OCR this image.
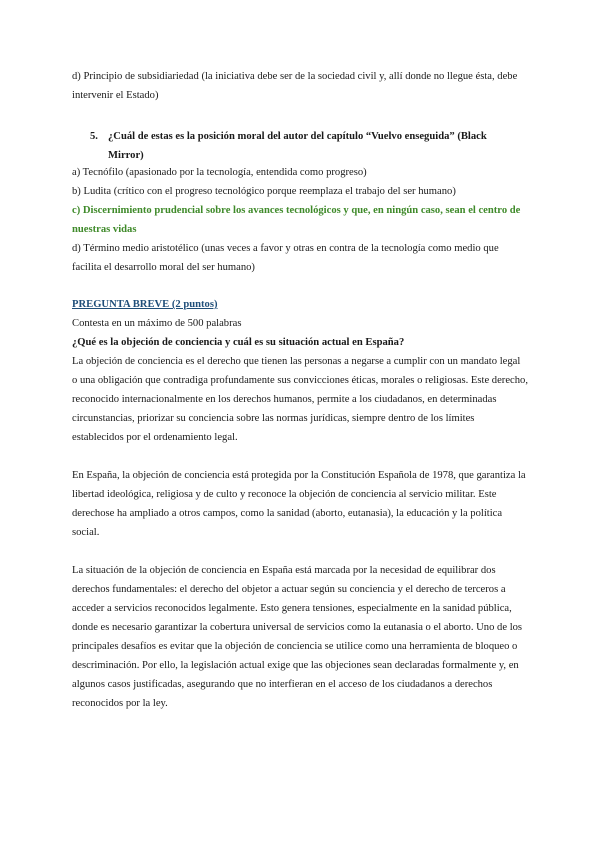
d) Principio de subsidiariedad (la iniciativa debe ser de la sociedad civil y, allí donde no llegue ésta, debe intervenir el Estado)

5. ¿Cuál de estas es la posición moral del autor del capítulo “Vuelvo enseguida” (Black
Mirror)

a) Tecnófilo (apasionado por la tecnología, entendida como progreso)

b) Ludita (crítico con el progreso tecnológico porque reemplaza el trabajo del ser humano)

c) Discernimiento prudencial sobre los avances tecnológicos y que, en ningún caso, sean el centro de nuestras vidas

d) Término medio aristotélico (unas veces a favor y otras en contra de la tecnología como medio que facilita el desarrollo moral del ser humano)

PREGUNTA BREVE (2 puntos)

Contesta en un máximo de 500 palabras

¿Qué es la objeción de conciencia y cuál es su situación actual en España?

La objeción de conciencia es el derecho que tienen las personas a negarse a cumplir con un mandato legal o una obligación que contradiga profundamente sus convicciones éticas, morales o religiosas. Este derecho, reconocido internacionalmente en los derechos humanos, permite a los ciudadanos, en determinadas circunstancias, priorizar su conciencia sobre las normas jurídicas, siempre dentro de los límites establecidos por el ordenamiento legal.

En España, la objeción de conciencia está protegida por la Constitución Española de 1978, que garantiza la libertad ideológica, religiosa y de culto y reconoce la objeción de conciencia al servicio militar. Este derechose ha ampliado a otros campos, como la sanidad (aborto, eutanasia), la educación y la política social.

La situación de la objeción de conciencia en España está marcada por la necesidad de equilibrar dos derechos fundamentales: el derecho del objetor a actuar según su conciencia y el derecho de terceros a acceder a servicios reconocidos legalmente. Esto genera tensiones, especialmente en la sanidad pública, donde es necesario garantizar la cobertura universal de servicios como la eutanasia o el aborto. Uno de los principales desafíos es evitar que la objeción de conciencia se utilice como una herramienta de bloqueo o descriminación. Por ello, la legislación actual exige que las objeciones sean declaradas formalmente y, en algunos casos justificadas, asegurando que no interfieran en el acceso de los ciudadanos a derechos reconocidos por la ley.
